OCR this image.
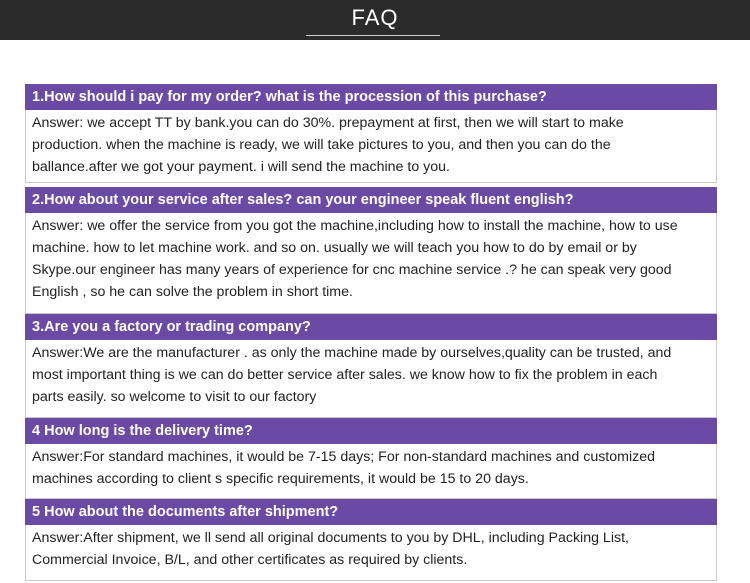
FAQ
1.How should i pay for my order? what is the procession of this purchase?
Answer: we accept TT by bank.you can do 30%. prepayment at first, then we will start to make
production. when the machine is ready, we will take pictures to you, and then you can do the
ballance.after we got your payment. i will send the machine to you.
2.How about your service after sales? can your engineer speak fluent english?
Answer: we offer the service from you got the machine,including how to install the machine, how to use
machine. how to let machine work. and so on. usually we will teach you how to do by email or by
Skype.our engineer has many years of experience for cnc machine service .? he can speak very good
English , so he can solve the problem in short time.
3.Are you a factory or trading company?
Answer:We are the manufacturer . as only the machine made by ourselves,quality can be trusted, and
most important thing is we can do better service after sales. we know how to fix the problem in each
parts easily. so welcome to visit to our factory
4 How long is the delivery time?
Answer:For standard machines, it would be 7-15 days; For non-standard machines and customized
machines according to client s specific requirements, it would be 15 to 20 days.
5 How about the documents after shipment?
Answer:After shipment, we ll send all original documents to you by DHL, including Packing List,
Commercial Invoice, B/L, and other certificates as required by clients.
